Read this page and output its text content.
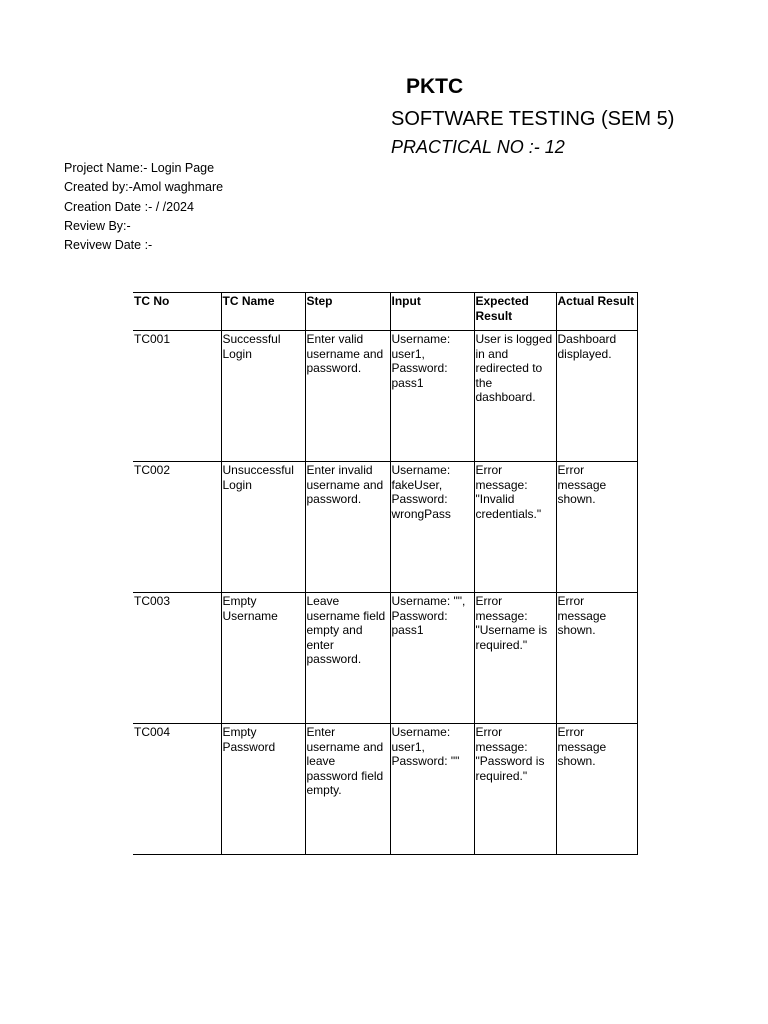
PKTC
SOFTWARE TESTING (SEM 5)
PRACTICAL NO :- 12
Project Name:- Login Page
Created by:-Amol waghmare
Creation Date :- / /2024
Review By:-
Revivew Date :-
TC No	TC Name	Step	Input	Expected Result	Actual Result
TC001	Successful Login	Enter valid username and password.	Username: user1, Password: pass1	User is logged in and redirected to the dashboard.	Dashboard displayed.
TC002	Unsuccessful Login	Enter invalid username and password.	Username: fakeUser, Password: wrongPass	Error message: "Invalid credentials."	Error message shown.
TC003	Empty Username	Leave username field empty and enter password.	Username: "", Password: pass1	Error message: "Username is required."	Error message shown.
TC004	Empty Password	Enter username and leave password field empty.	Username: user1, Password: ""	Error message: "Password is required."	Error message shown.
